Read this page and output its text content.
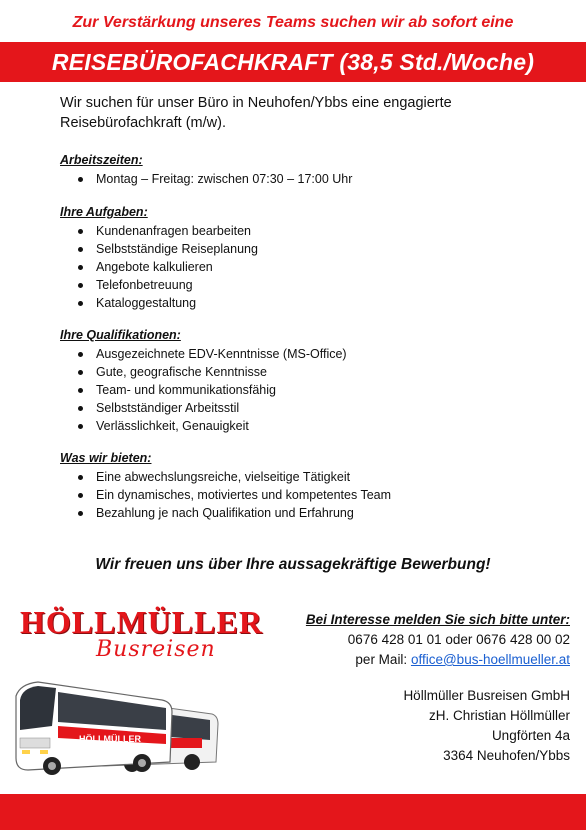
Zur Verstärkung unseres Teams suchen wir ab sofort eine
REISEBÜROFACHKRAFT (38,5 Std./Woche)

Wir suchen für unser Büro in Neuhofen/Ybbs eine engagierte Reisebürofachkraft (m/w).

Arbeitszeiten:
Montag – Freitag: zwischen 07:30 – 17:00 Uhr
Ihre Aufgaben:
Kundenanfragen bearbeiten
Selbstständige Reiseplanung
Angebote kalkulieren
Telefonbetreuung
Kataloggestaltung
Ihre Qualifikationen:
Ausgezeichnete EDV-Kenntnisse (MS-Office)
Gute, geografische Kenntnisse
Team- und kommunikationsfähig
Selbstständiger Arbeitsstil
Verlässlichkeit, Genauigkeit
Was wir bieten:
Eine abwechslungsreiche, vielseitige Tätigkeit
Ein dynamisches, motiviertes und kompetentes Team
Bezahlung je nach Qualifikation und Erfahrung
Wir freuen uns über Ihre aussagekräftige Bewerbung!
HÖLLMÜLLER
Busreisen
HÖLLMÜLLER
Bei Interesse melden Sie sich bitte unter:
0676 428 01 01 oder 0676 428 00 02
per Mail: office@bus-hoellmueller.at
Höllmüller Busreisen GmbH
zH. Christian Höllmüller
Ungförten 4a
3364 Neuhofen/Ybbs
